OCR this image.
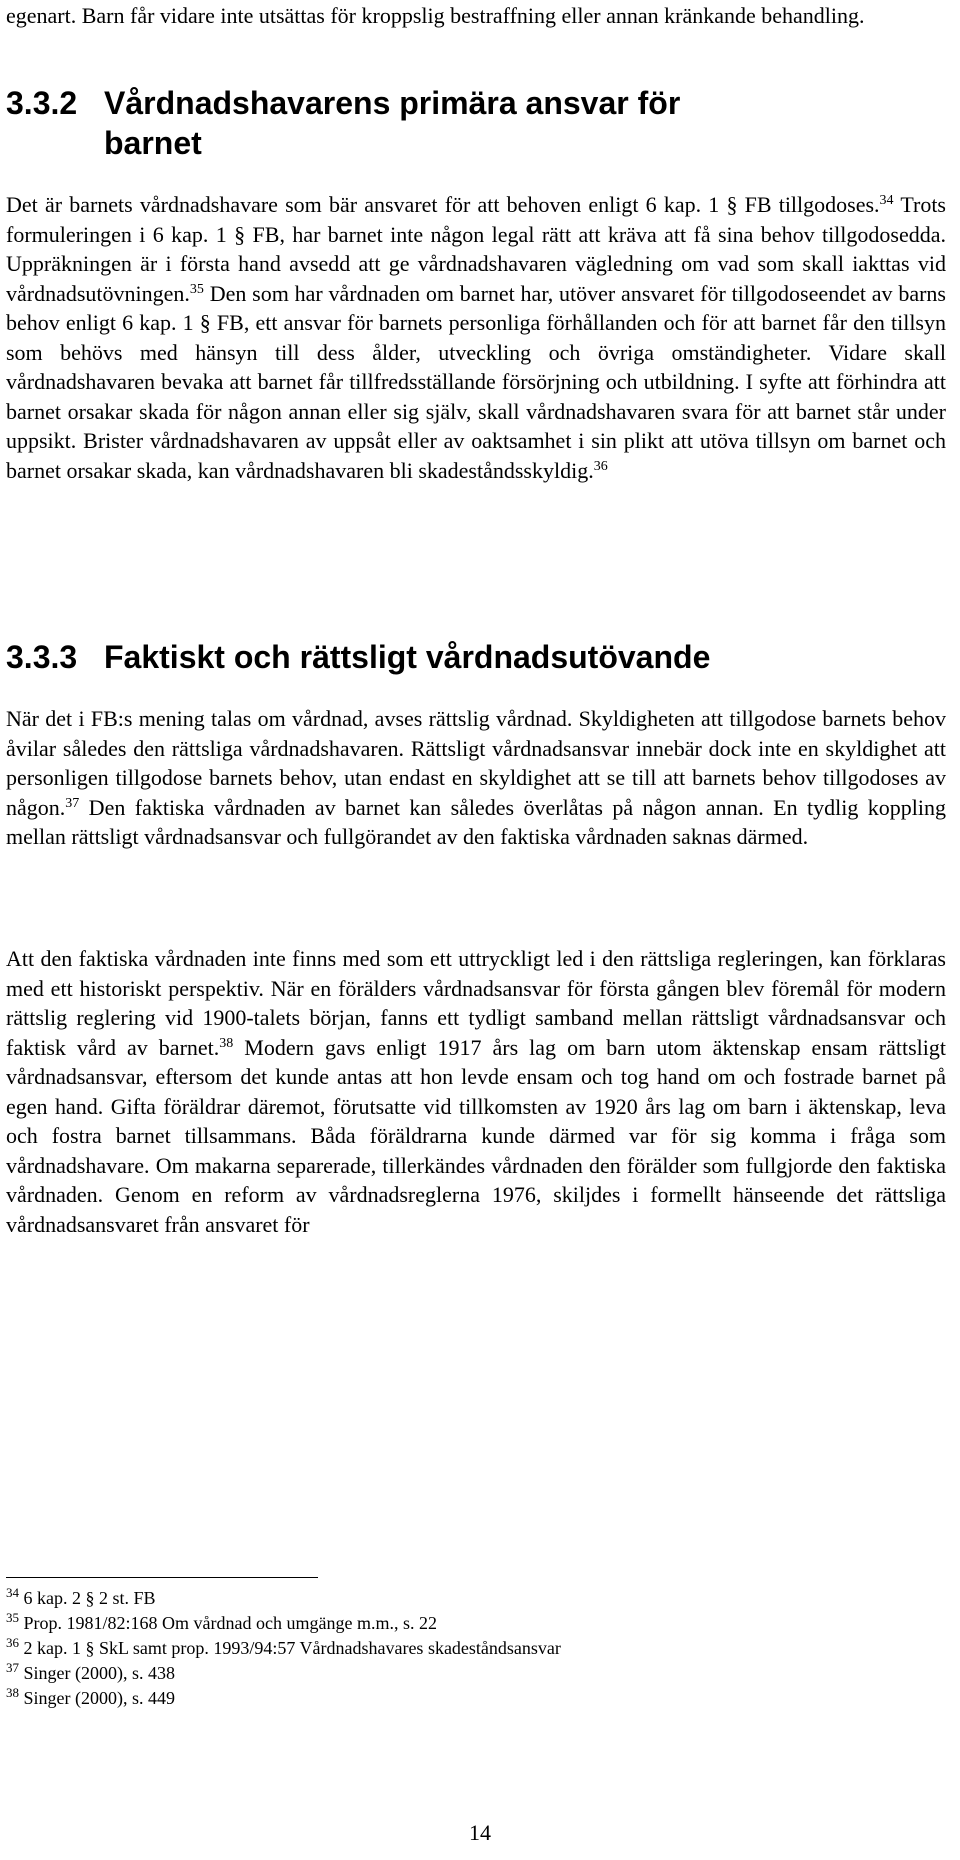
egenart. Barn får vidare inte utsättas för kroppslig bestraffning eller annan kränkande behandling.

3.3.2 Vårdnadshavarens primära ansvar för
barnet

Det är barnets vårdnadshavare som bär ansvaret för att behoven enligt 6 kap. 1 § FB tillgodoses.$^{34}$ Trots formuleringen i 6 kap. 1 § FB, har barnet inte någon legal rätt att kräva att få sina behov tillgodosedda. Uppräkningen är i första hand avsedd att ge vårdnadshavaren vägledning om vad som skall iakttas vid vårdnadsutövningen.$^{35}$ Den som har vårdnaden om barnet har, utöver ansvaret för tillgodoseendet av barns behov enligt 6 kap. 1 § FB, ett ansvar för barnets personliga förhållanden och för att barnet får den tillsyn som behövs med hänsyn till dess ålder, utveckling och övriga omständigheter. Vidare skall vårdnadshavaren bevaka att barnet får tillfredsställande försörjning och utbildning. I syfte att förhindra att barnet orsakar skada för någon annan eller sig själv, skall vårdnadshavaren svara för att barnet står under uppsikt. Brister vårdnadshavaren av uppsåt eller av oaktsamhet i sin plikt att utöva tillsyn om barnet och barnet orsakar skada, kan vårdnadshavaren bli skadeståndsskyldig.$^{36}$

3.3.3 Faktiskt och rättsligt vårdnadsutövande

När det i FB:s mening talas om vårdnad, avses rättslig vårdnad. Skyldigheten att tillgodose barnets behov åvilar således den rättsliga vårdnadshavaren. Rättsligt vårdnadsansvar innebär dock inte en skyldighet att personligen tillgodose barnets behov, utan endast en skyldighet att se till att barnets behov tillgodoses av någon.$^{37}$ Den faktiska vårdnaden av barnet kan således överlåtas på någon annan. En tydlig koppling mellan rättsligt vårdnadsansvar och fullgörandet av den faktiska vårdnaden saknas därmed.

Att den faktiska vårdnaden inte finns med som ett uttryckligt led i den rättsliga regleringen, kan förklaras med ett historiskt perspektiv. När en förälders vårdnadsansvar för första gången blev föremål för modern rättslig reglering vid 1900-talets början, fanns ett tydligt samband mellan rättsligt vårdnadsansvar och faktisk vård av barnet.$^{38}$ Modern gavs enligt 1917 års lag om barn utom äktenskap ensam rättsligt vårdnadsansvar, eftersom det kunde antas att hon levde ensam och tog hand om och fostrade barnet på egen hand. Gifta föräldrar däremot, förutsatte vid tillkomsten av 1920 års lag om barn i äktenskap, leva och fostra barnet tillsammans. Båda föräldrarna kunde därmed var för sig komma i fråga som vårdnadshavare. Om makarna separerade, tillerkändes vårdnaden den förälder som fullgjorde den faktiska vårdnaden. Genom en reform av vårdnadsreglerna 1976, skiljdes i formellt hänseende det rättsliga vårdnadsansvaret från ansvaret för

$^{34}$ 6 kap. 2 § 2 st. FB

$^{35}$ Prop. 1981/82:168 Om vårdnad och umgänge m.m., s. 22

$^{36}$ 2 kap. 1 § SkL samt prop. 1993/94:57 Vårdnadshavares skadeståndsansvar

$^{37}$ Singer (2000), s. 438

$^{38}$ Singer (2000), s. 449

14
